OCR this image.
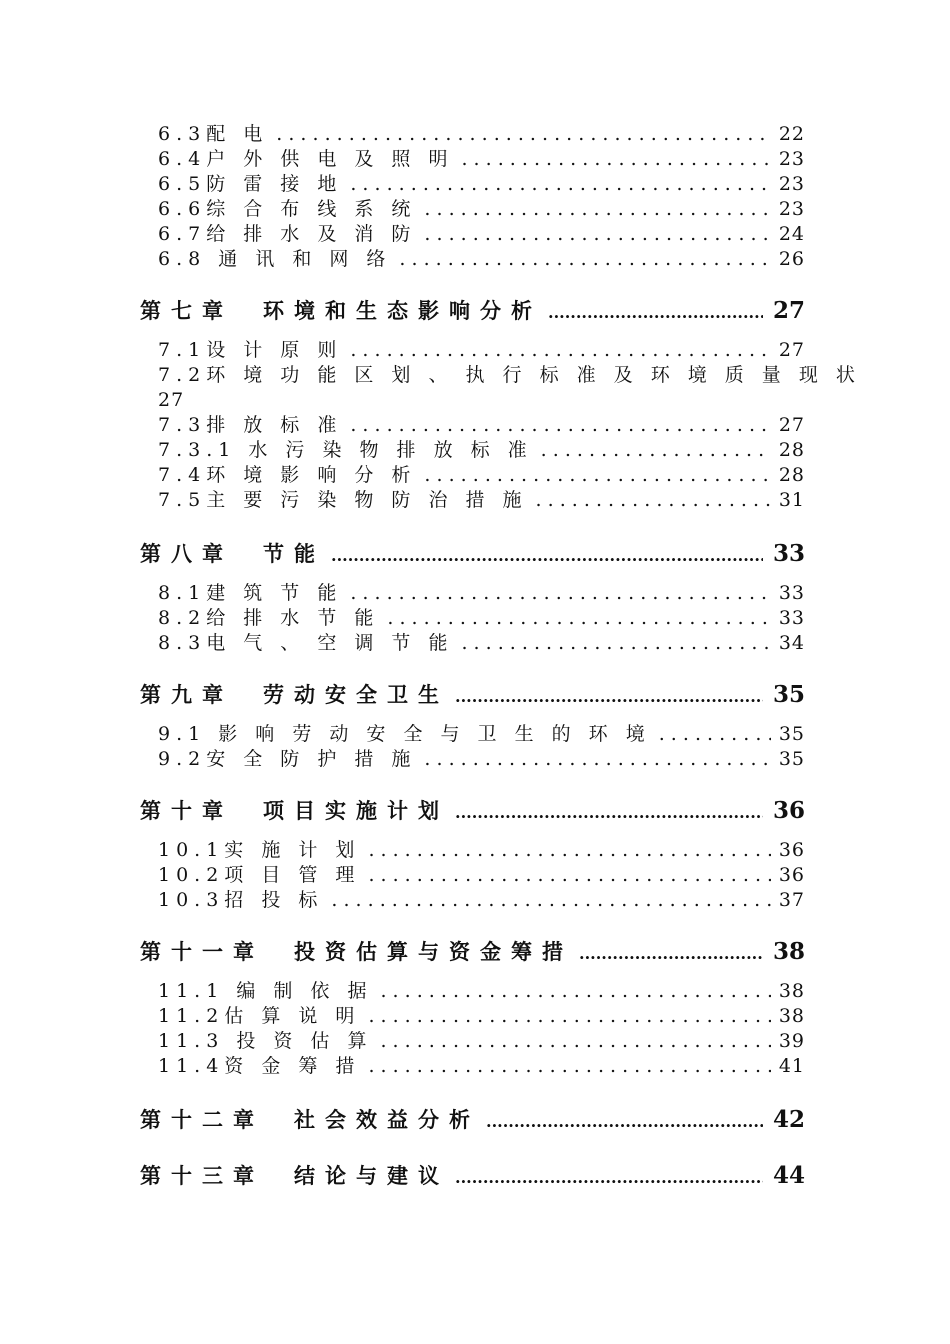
6.3配 电 . . .	22
6.4户 外 供 电 及 照 明 . . .	23
6.5防 雷 接 地 . . .	23
6.6综 合 布 线 系 统 . . .	23
6.7给 排 水 及 消 防 . . .	24
6.8 通 讯 和 网 络 . . .	26
第七章 环境和生态影响分析 .....	27
7.1设 计 原 则 . . .	27
7.2环 境 功 能 区 划 、 执 行 标 准 及 环 境 质 量 现 状
27
7.3排 放 标 准 . . .	27
7.3.1 水 污 染 物 排 放 标 准 . . .	28
7.4环 境 影 响 分 析 . . .	28
7.5主 要 污 染 物 防 治 措 施 . . .	31
第八章 节能 .....	33
8.1建 筑 节 能 . . .	33
8.2给 排 水 节 能 . . .	33
8.3电 气 、 空 调 节 能 . . .	34
第九章 劳动安全卫生 .....	35
9.1 影 响 劳 动 安 全 与 卫 生 的 环 境 . . .	35
9.2安 全 防 护 措 施 . . .	35
第十章 项目实施计划 .....	36
10.1实 施 计 划 . . .	36
10.2项 目 管 理 . . .	36
10.3招 投 标 . . .	37
第十一章 投资估算与资金筹措 .....	38
11.1 编 制 依 据 . . .	38
11.2估 算 说 明 . . .	38
11.3 投 资 估 算 . . .	39
11.4资 金 筹 措 . . .	41
第十二章 社会效益分析 .....	42
第十三章 结论与建议 .....	44
